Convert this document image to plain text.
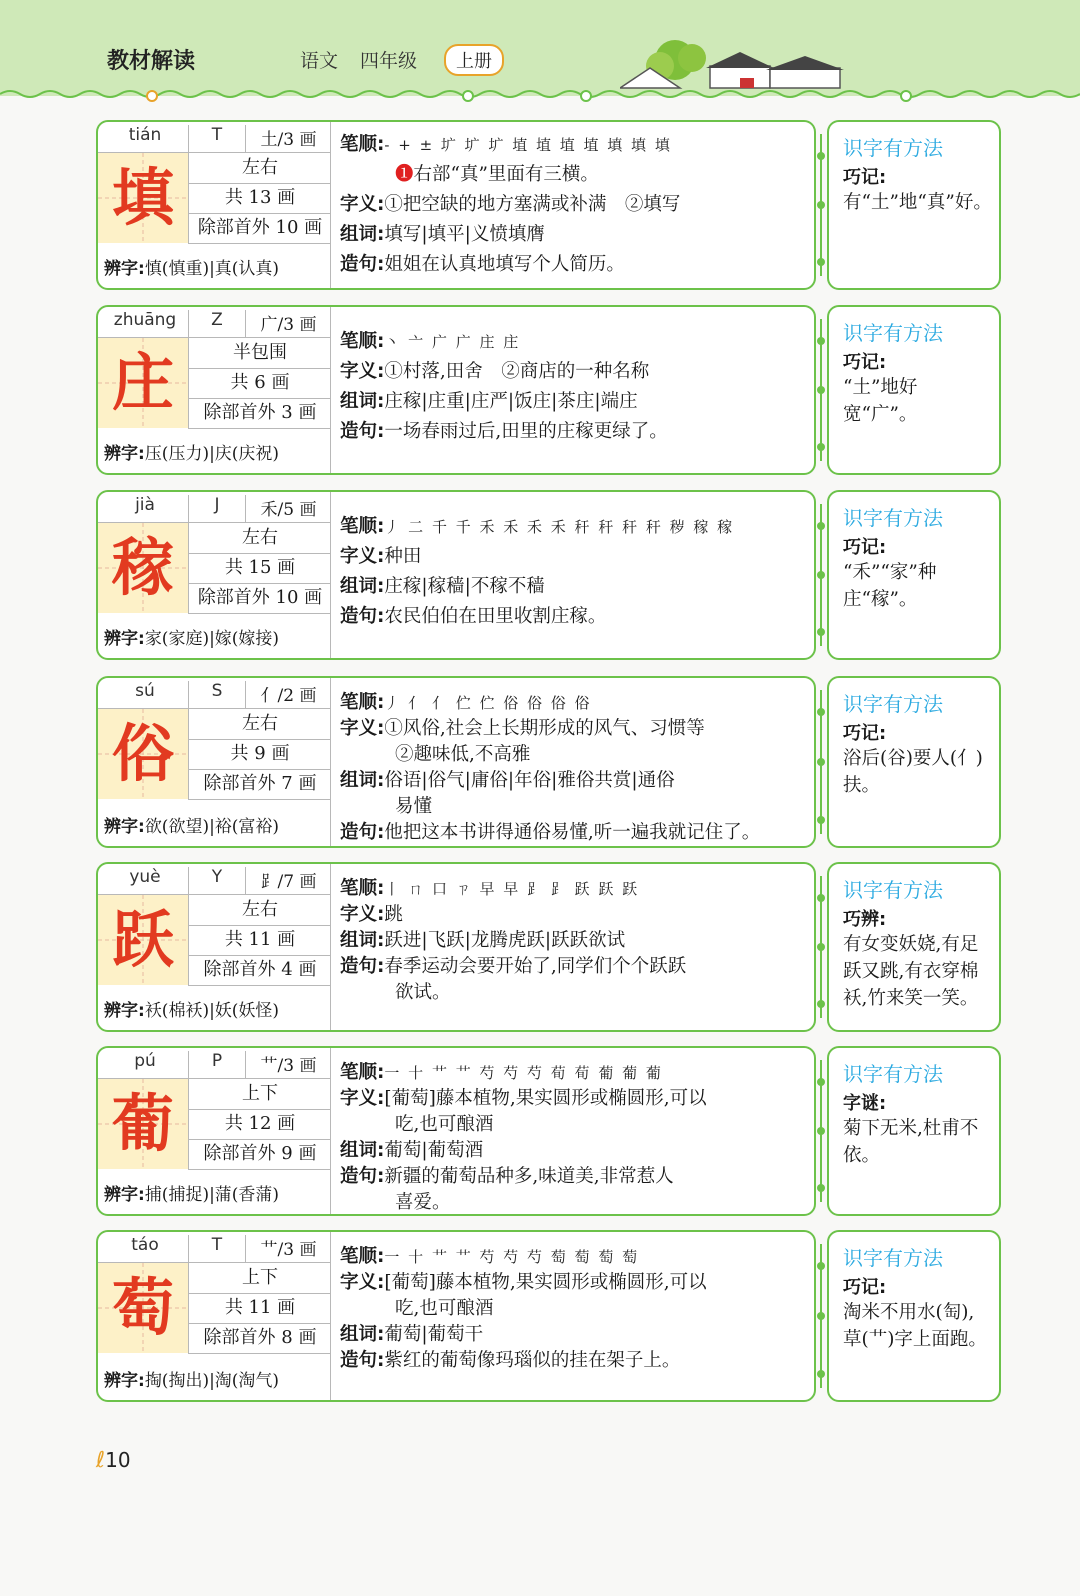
教材解读	语文 四年级	上册
tián	T	土/3 画
填	左右
共 13 画
除部首外 10 画
辨字:慎(慎重)|真(认真)
笔顺:- + ± 圹 圹 圹 埴 埴 埴 埴 填 填 填
❶右部“真”里面有三横。
字义:①把空缺的地方塞满或补满　②填写
组词:填写|填平|义愤填膺
造句:姐姐在认真地填写个人简历。
识字有方法
巧记:
有“土”地“真”好。
zhuāng	Z	广/3 画
庄	半包围
共 6 画
除部首外 3 画
辨字:压(压力)|庆(庆祝)
笔顺:丶 亠 广 广 庄 庄
字义:①村落,田舍　②商店的一种名称
组词:庄稼|庄重|庄严|饭庄|茶庄|端庄
造句:一场春雨过后,田里的庄稼更绿了。
识字有方法
巧记:
“土”地好宽“广”。
jià	J	禾/5 画
稼	左右
共 15 画
除部首外 10 画
辨字:家(家庭)|嫁(嫁接)
笔顺:丿 二 千 千 禾 禾 禾 禾 秆 秆 秆 秆 秽 稼 稼
字义:种田
组词:庄稼|稼穑|不稼不穑
造句:农民伯伯在田里收割庄稼。
识字有方法
巧记:
“禾”“家”种庄“稼”。
sú	S	亻/2 画
俗	左右
共 9 画
除部首外 7 画
辨字:欲(欲望)|裕(富裕)
笔顺:丿 亻 亻 伫 伫 俗 俗 俗 俗
字义:①风俗,社会上长期形成的风气、习惯等
②趣味低,不高雅
组词:俗语|俗气|庸俗|年俗|雅俗共赏|通俗
易懂
造句:他把这本书讲得通俗易懂,听一遍我就记住了。
识字有方法
巧记:
浴后(谷)要人(亻)扶。
yuè	Y	⻊/7 画
跃	左右
共 11 画
除部首外 4 画
辨字:袄(棉袄)|妖(妖怪)
笔顺:丨 ㄇ 口 ㄗ 早 早 ⻊ ⻊ 跃 跃 跃
字义:跳
组词:跃进|飞跃|龙腾虎跃|跃跃欲试
造句:春季运动会要开始了,同学们个个跃跃
欲试。
识字有方法
巧辨:
有女变妖娆,有足跃又跳,有衣穿棉袄,竹来笑一笑。
pú	P	艹/3 画
葡	上下
共 12 画
除部首外 9 画
辨字:捕(捕捉)|蒲(香蒲)
笔顺:一 十 艹 艹 芍 芍 芍 荀 荀 葡 葡 葡
字义:[葡萄]藤本植物,果实圆形或椭圆形,可以
吃,也可酿酒
组词:葡萄|葡萄酒
造句:新疆的葡萄品种多,味道美,非常惹人
喜爱。
识字有方法
字谜:
菊下无米,杜甫不依。
táo	T	艹/3 画
萄	上下
共 11 画
除部首外 8 画
辨字:掏(掏出)|淘(淘气)
笔顺:一 十 艹 艹 芍 芍 芍 萄 萄 萄 萄
字义:[葡萄]藤本植物,果实圆形或椭圆形,可以
吃,也可酿酒
组词:葡萄|葡萄干
造句:紫红的葡萄像玛瑙似的挂在架子上。
识字有方法
巧记:
淘米不用水(匋),草(艹)字上面跑。
ℓ10
